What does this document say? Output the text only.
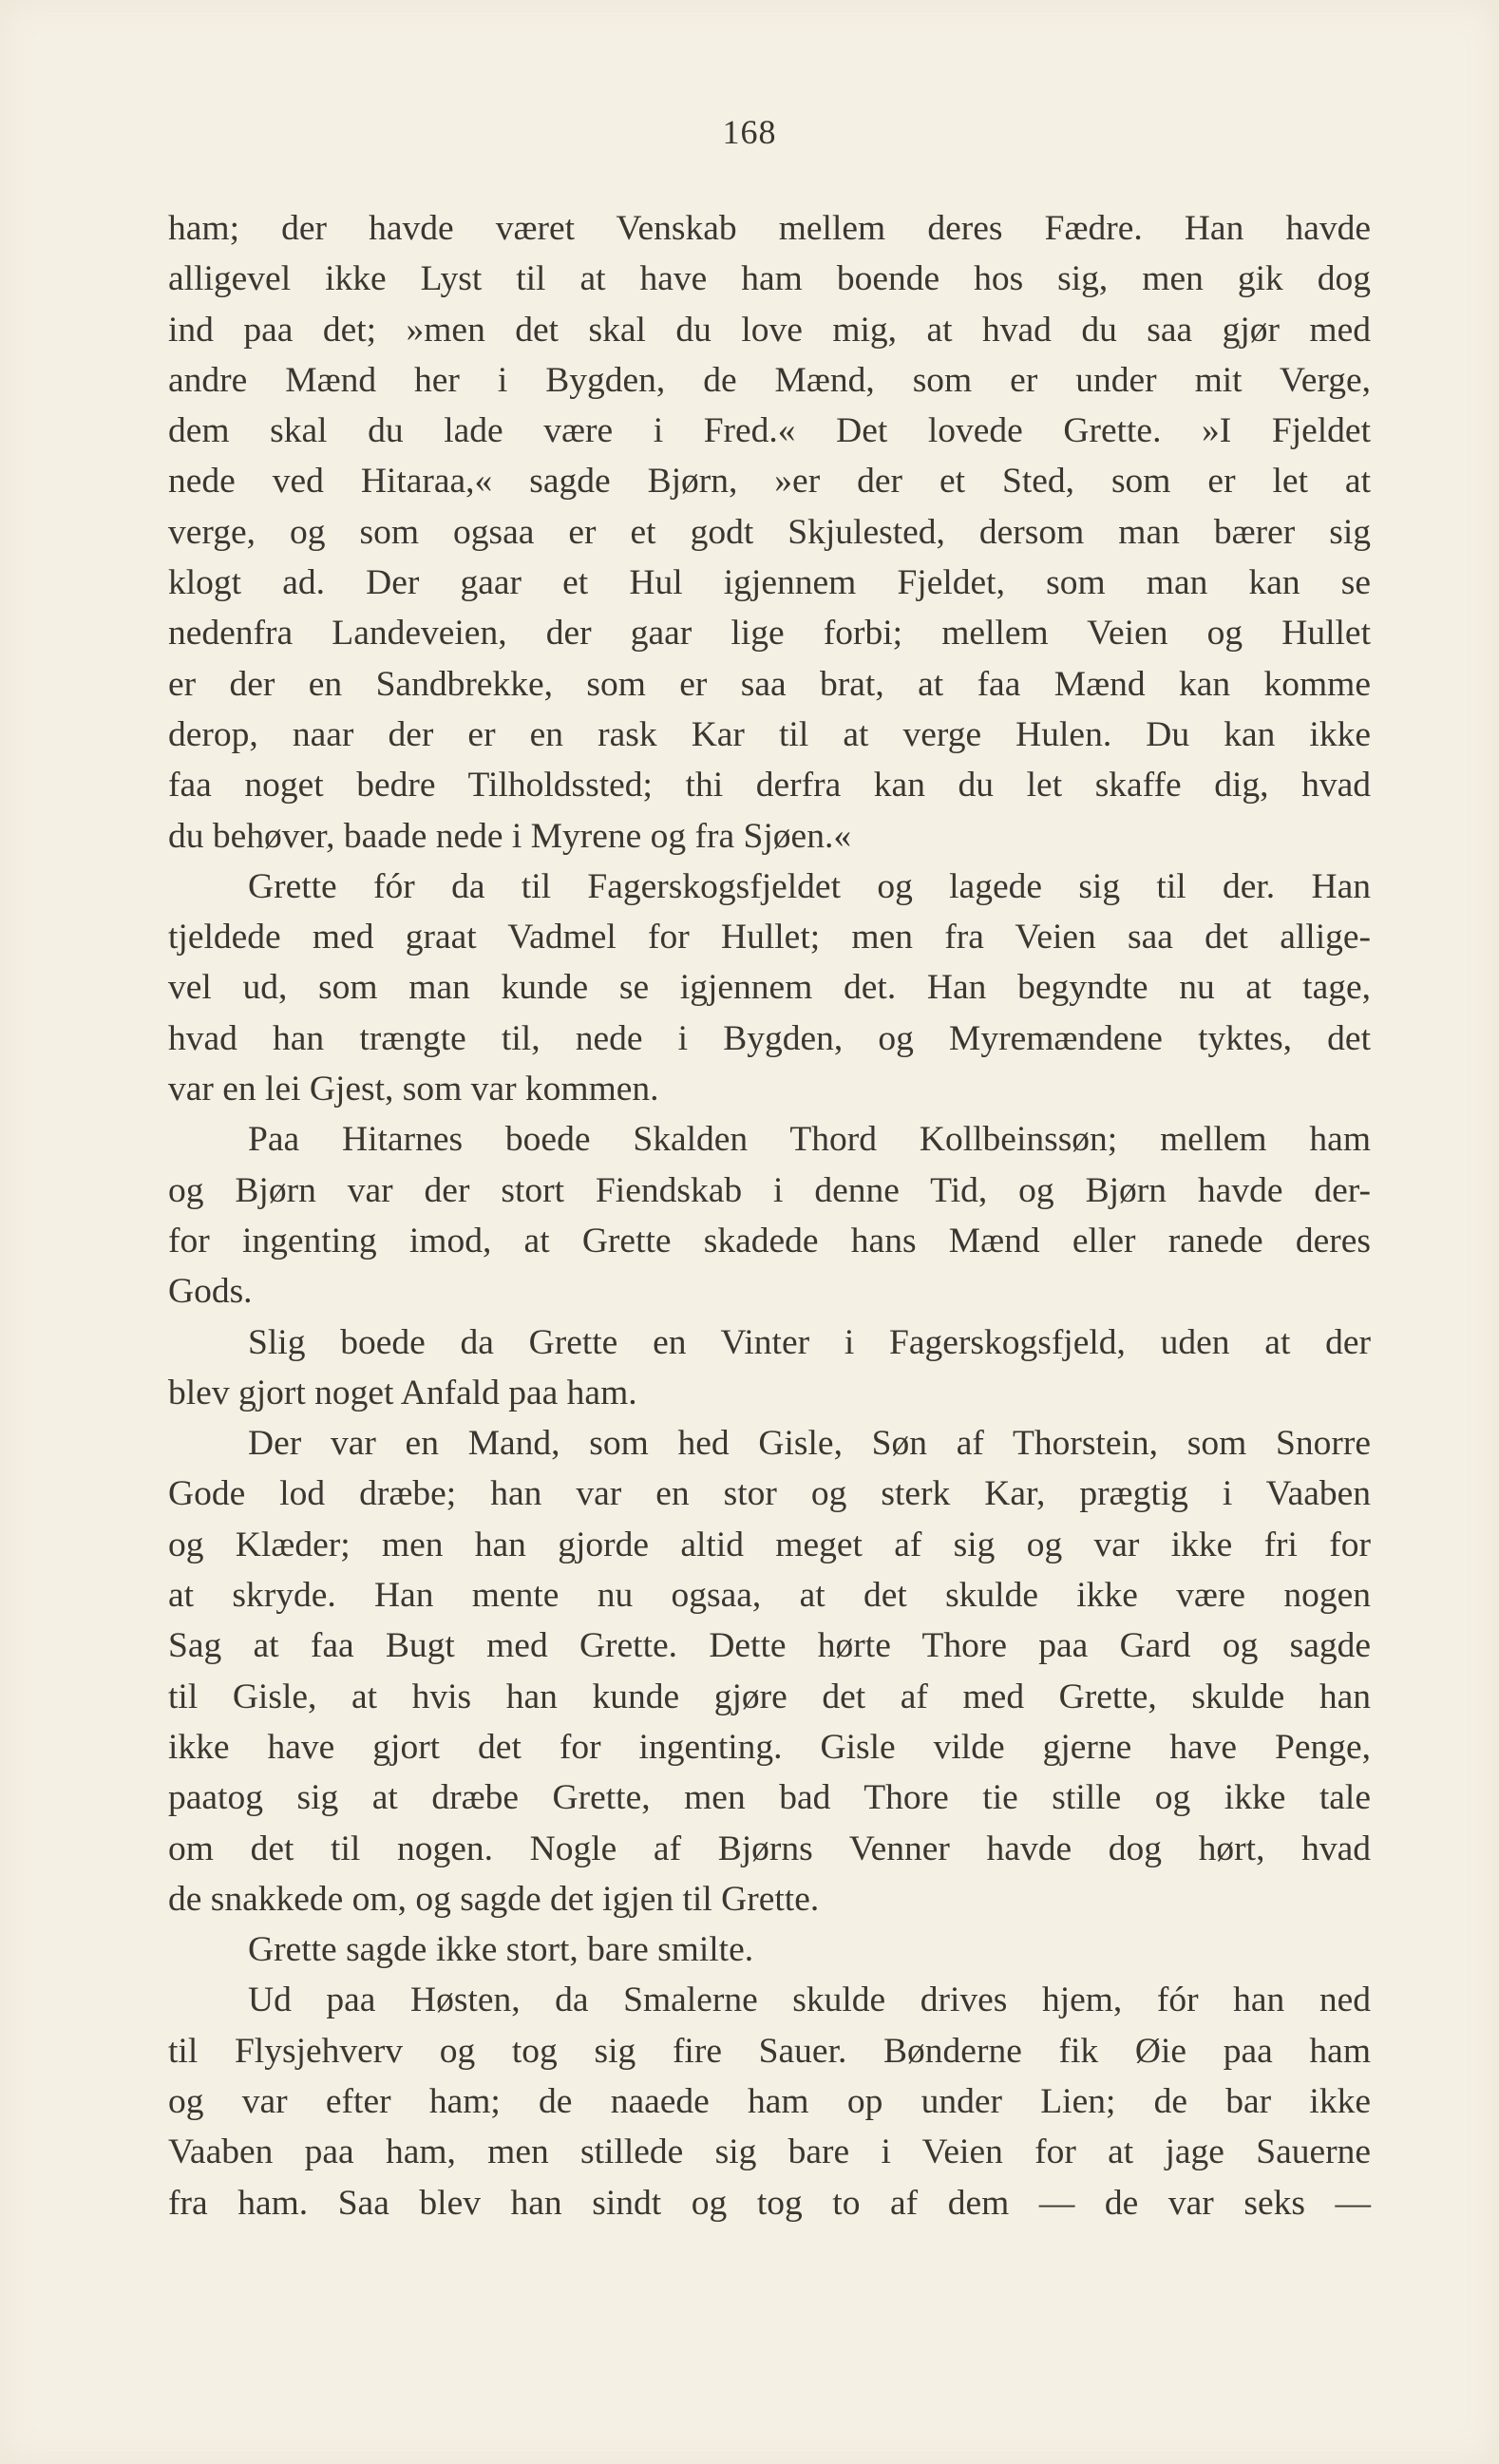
168
ham; der havde været Venskab mellem deres Fædre. Han havde
alligevel ikke Lyst til at have ham boende hos sig, men gik dog
ind paa det; »men det skal du love mig, at hvad du saa gjør med
andre Mænd her i Bygden, de Mænd, som er under mit Verge,
dem skal du lade være i Fred.« Det lovede Grette. »I Fjeldet
nede ved Hitaraa,« sagde Bjørn, »er der et Sted, som er let at
verge, og som ogsaa er et godt Skjulested, dersom man bærer sig
klogt ad. Der gaar et Hul igjennem Fjeldet, som man kan se
nedenfra Landeveien, der gaar lige forbi; mellem Veien og Hullet
er der en Sandbrekke, som er saa brat, at faa Mænd kan komme
derop, naar der er en rask Kar til at verge Hulen. Du kan ikke
faa noget bedre Tilholdssted; thi derfra kan du let skaffe dig, hvad
du behøver, baade nede i Myrene og fra Sjøen.«
Grette fór da til Fagerskogsfjeldet og lagede sig til der. Han
tjeldede med graat Vadmel for Hullet; men fra Veien saa det allige-
vel ud, som man kunde se igjennem det. Han begyndte nu at tage,
hvad han trængte til, nede i Bygden, og Myremændene tyktes, det
var en lei Gjest, som var kommen.
Paa Hitarnes boede Skalden Thord Kollbeinssøn; mellem ham
og Bjørn var der stort Fiendskab i denne Tid, og Bjørn havde der-
for ingenting imod, at Grette skadede hans Mænd eller ranede deres
Gods.
Slig boede da Grette en Vinter i Fagerskogsfjeld, uden at der
blev gjort noget Anfald paa ham.
Der var en Mand, som hed Gisle, Søn af Thorstein, som Snorre
Gode lod dræbe; han var en stor og sterk Kar, prægtig i Vaaben
og Klæder; men han gjorde altid meget af sig og var ikke fri for
at skryde. Han mente nu ogsaa, at det skulde ikke være nogen
Sag at faa Bugt med Grette. Dette hørte Thore paa Gard og sagde
til Gisle, at hvis han kunde gjøre det af med Grette, skulde han
ikke have gjort det for ingenting. Gisle vilde gjerne have Penge,
paatog sig at dræbe Grette, men bad Thore tie stille og ikke tale
om det til nogen. Nogle af Bjørns Venner havde dog hørt, hvad
de snakkede om, og sagde det igjen til Grette.
Grette sagde ikke stort, bare smilte.
Ud paa Høsten, da Smalerne skulde drives hjem, fór han ned
til Flysjehverv og tog sig fire Sauer. Bønderne fik Øie paa ham
og var efter ham; de naaede ham op under Lien; de bar ikke
Vaaben paa ham, men stillede sig bare i Veien for at jage Sauerne
fra ham. Saa blev han sindt og tog to af dem — de var seks —
